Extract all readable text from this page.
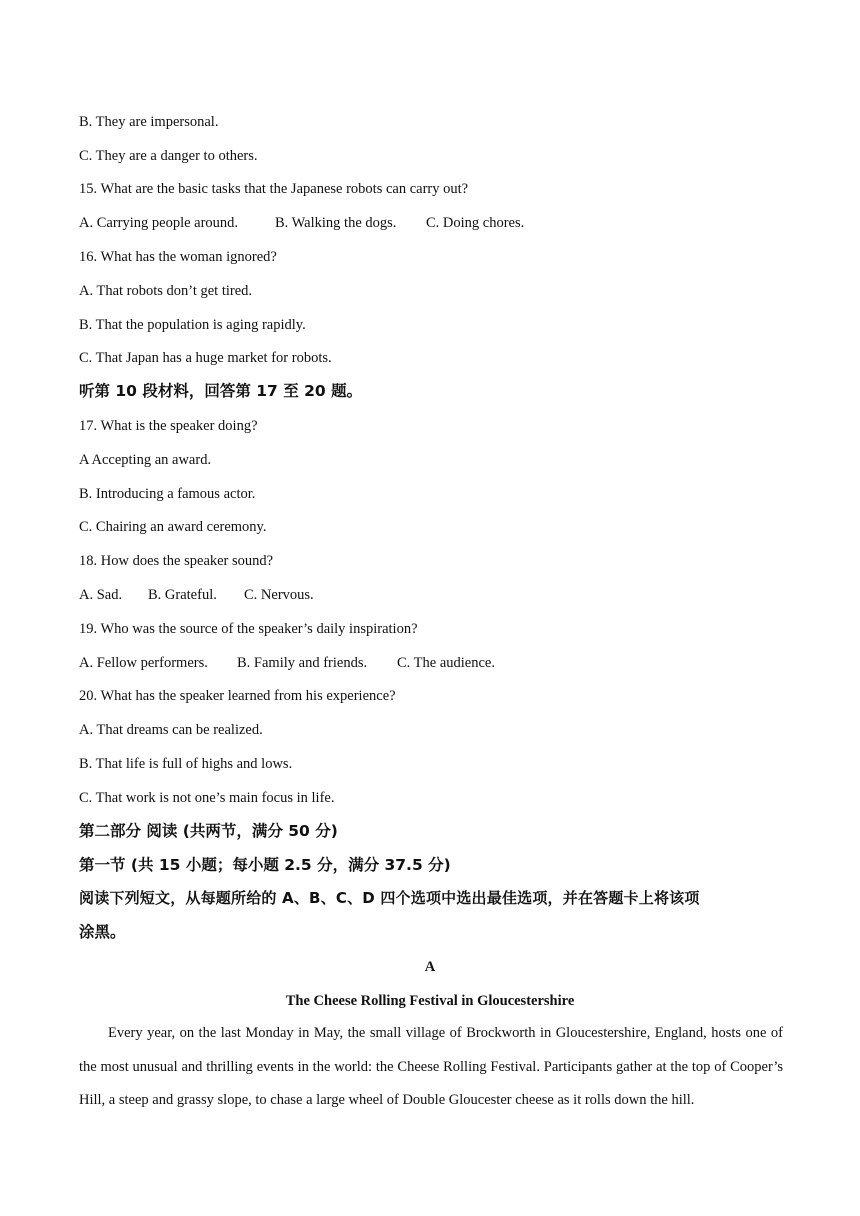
B. They are impersonal.
C. They are a danger to others.
15. What are the basic tasks that the Japanese robots can carry out?
A. Carrying people around.	B. Walking the dogs. C. Doing chores.
16. What has the woman ignored?
A. That robots don’t get tired.
B. That the population is aging rapidly.
C. That Japan has a huge market for robots.
听第 10 段材料，回答第 17 至 20 题。
17. What is the speaker doing?
A Accepting an award.
B. Introducing a famous actor.
C. Chairing an award ceremony.
18. How does the speaker sound?
A. Sad. B. Grateful. C. Nervous.
19. Who was the source of the speaker’s daily inspiration?
A. Fellow performers. B. Family and friends. C. The audience.
20. What has the speaker learned from his experience?
A. That dreams can be realized.
B. That life is full of highs and lows.
C. That work is not one’s main focus in life.
第二部分 阅读 (共两节，满分 50 分)
第一节 (共 15 小题；每小题 2.5 分，满分 37.5 分)
阅读下列短文，从每题所给的 A、B、C、D 四个选项中选出最佳选项，并在答题卡上将该项
涂黑。
A
The Cheese Rolling Festival in Gloucestershire
Every year, on the last Monday in May, the small village of Brockworth in Gloucestershire, England, hosts one of the most unusual and thrilling events in the world: the Cheese Rolling Festival. Participants gather at the top of Cooper’s Hill, a steep and grassy slope, to chase a large wheel of Double Gloucester cheese as it rolls down the hill.
